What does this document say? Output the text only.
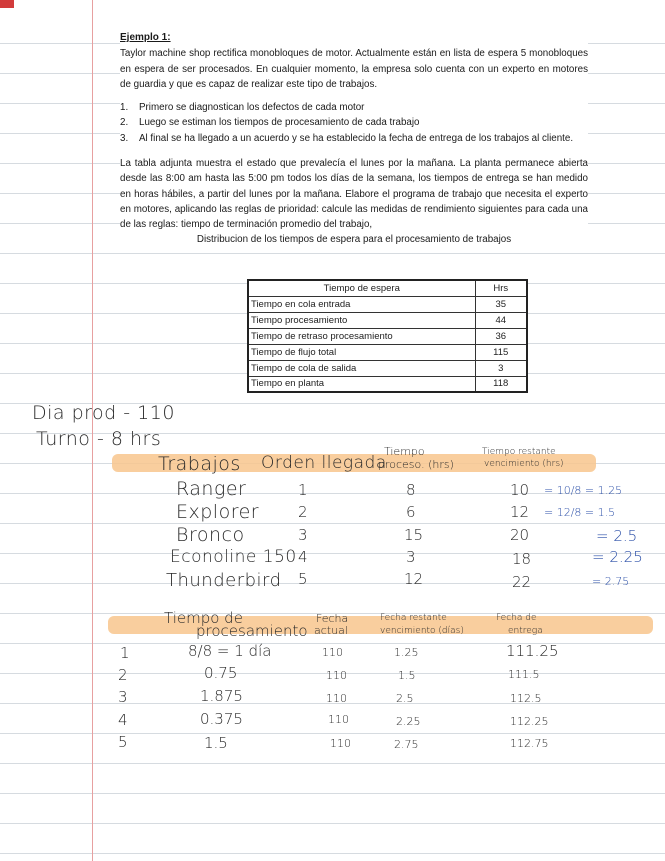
Ejemplo 1:

Taylor machine shop rectifica monobloques de motor. Actualmente están en lista de espera 5 monobloques en espera de ser procesados. En cualquier momento, la empresa solo cuenta con un experto en motores de guardia y que es capaz de realizar este tipo de trabajos.

1.	Primero se diagnostican los defectos de cada motor
2.	Luego se estiman los tiempos de procesamiento de cada trabajo
3.	Al final se ha llegado a un acuerdo y se ha establecido la fecha de entrega de los trabajos al cliente.

La tabla adjunta muestra el estado que prevalecía el lunes por la mañana. La planta permanece abierta desde las 8:00 am hasta las 5:00 pm todos los días de la semana, los tiempos de entrega se han medido en horas hábiles, a partir del lunes por la mañana. Elabore el programa de trabajo que necesita el experto en motores, aplicando las reglas de prioridad: calcule las medidas de rendimiento siguientes para cada una de las reglas: tiempo de terminación promedio del trabajo,

Distribucion de los tiempos de espera para el procesamiento de trabajos
Tiempo de espera	Hrs
Tiempo en cola entrada	35
Tiempo procesamiento	44
Tiempo de retraso procesamiento	36
Tiempo de flujo total	115
Tiempo de cola de salida	3
Tiempo en planta	118
Dia prod - 110
Turno - 8 hrs
Trabajos Orden llegada
Tiempo
proceso. (hrs)
Tiempo restante
vencimiento (hrs)
Ranger	1	8	10 = 10/8 = 1.25
Explorer	2	6	12 = 12/8 = 1.5
Bronco	3	15	20	= 2.5
Econoline 150 4	3	18	= 2.25
Thunderbird 5	12	22	= 2.75
Tiempo de
procesamiento
Fecha
actual
Fecha restante
vencimiento (días)
Fecha de
entrega
1	8/8 = 1 día	110	1.25	111.25
2	0.75	110	1.5	111.5
3	1.875	110	2.5	112.5
4	0.375	110	2.25	112.25
5	1.5	110	2.75	112.75
